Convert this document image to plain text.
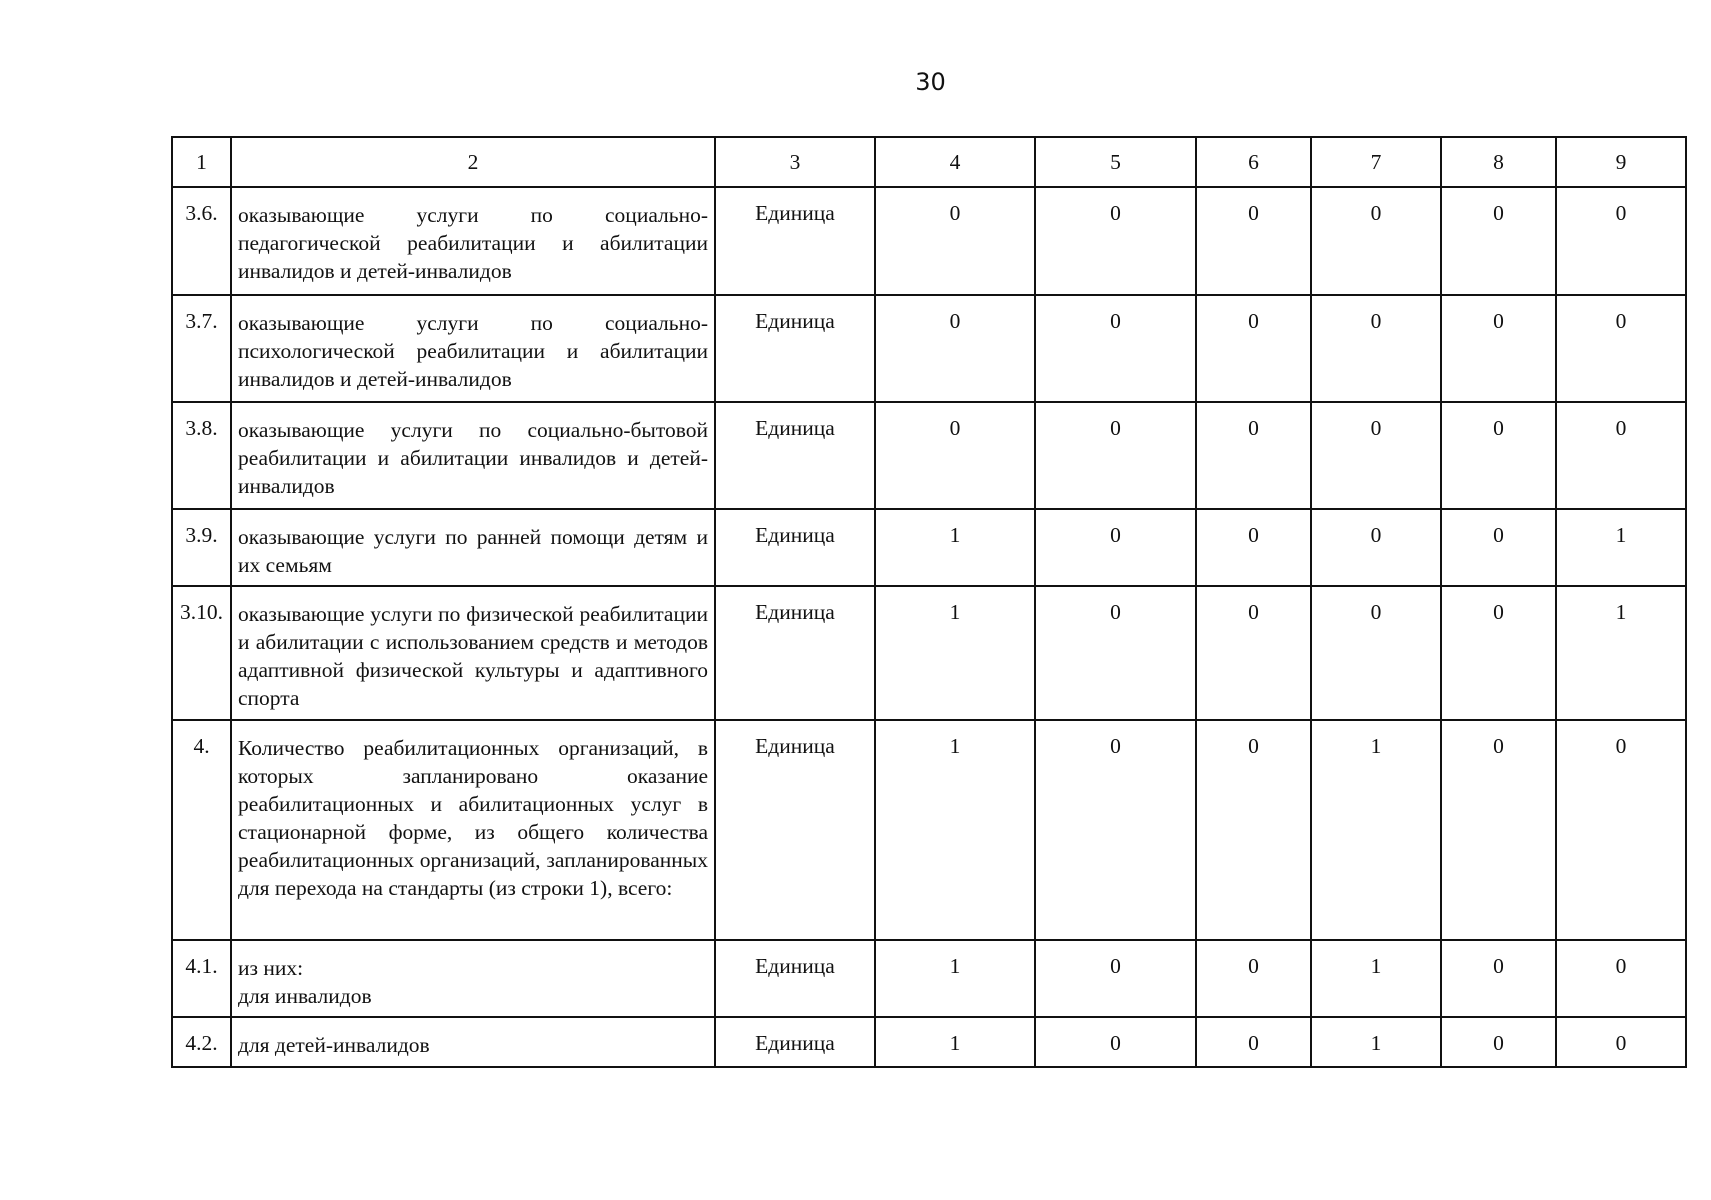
30
1	2	3	4	5	6	7	8	9
3.6.	оказывающие услуги по социально-педагогической реабилитации и абилитации инвалидов и детей-инвалидов	Единица	0	0	0	0	0	0
3.7.	оказывающие услуги по социально-психологической реабилитации и абилитации инвалидов и детей-инвалидов	Единица	0	0	0	0	0	0
3.8.	оказывающие услуги по социально-бытовой реабилитации и абилитации инвалидов и детей-инвалидов	Единица	0	0	0	0	0	0
3.9.	оказывающие услуги по ранней помощи детям и их семьям	Единица	1	0	0	0	0	1
3.10.	оказывающие услуги по физической реабилитации и абилитации с использованием средств и методов адаптивной физической культуры и адаптивного спорта	Единица	1	0	0	0	0	1
4.	Количество реабилитационных организаций, в которых запланировано оказание реабилитационных и абилитационных услуг в стационарной форме, из общего количества реабилитационных организаций, запланированных для перехода на стандарты (из строки 1), всего:	Единица	1	0	0	1	0	0
4.1.	из них:
для инвалидов	Единица	1	0	0	1	0	0
4.2.	для детей-инвалидов	Единица	1	0	0	1	0	0
